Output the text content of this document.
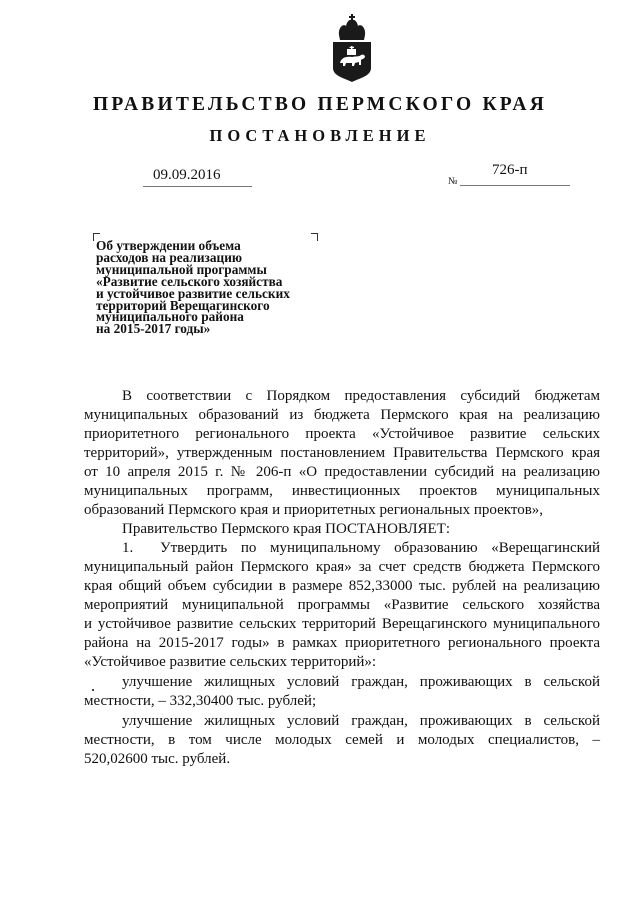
ПРАВИТЕЛЬСТВО ПЕРМСКОГО КРАЯ
ПОСТАНОВЛЕНИЕ
09.09.2016	№
726-п
Об утверждении объема
расходов на реализацию
муниципальной программы
«Развитие сельского хозяйства
и устойчивое развитие сельских
территорий Верещагинского
муниципального района
на 2015-2017 годы»
В соответствии с Порядком предоставления субсидий бюджетам
муниципальных образований из бюджета Пермского края на реализацию
приоритетного регионального проекта «Устойчивое развитие сельских
территорий», утвержденным постановлением Правительства Пермского края
от 10 апреля 2015 г. № 206-п «О предоставлении субсидий на реализацию
муниципальных программ, инвестиционных проектов муниципальных
образований Пермского края и приоритетных региональных проектов»,
Правительство Пермского края ПОСТАНОВЛЯЕТ:
1. Утвердить по муниципальному образованию «Верещагинский
муниципальный район Пермского края» за счет средств бюджета Пермского
края общий объем субсидии в размере 852,33000 тыс. рублей на реализацию
мероприятий муниципальной программы «Развитие сельского хозяйства
и устойчивое развитие сельских территорий Верещагинского муниципального
района на 2015-2017 годы» в рамках приоритетного регионального проекта
«Устойчивое развитие сельских территорий»:
улучшение жилищных условий граждан, проживающих в сельской
местности, – 332,30400 тыс. рублей;
улучшение жилищных условий граждан, проживающих в сельской
местности, в том числе молодых семей и молодых специалистов, –
520,02600 тыс. рублей.
